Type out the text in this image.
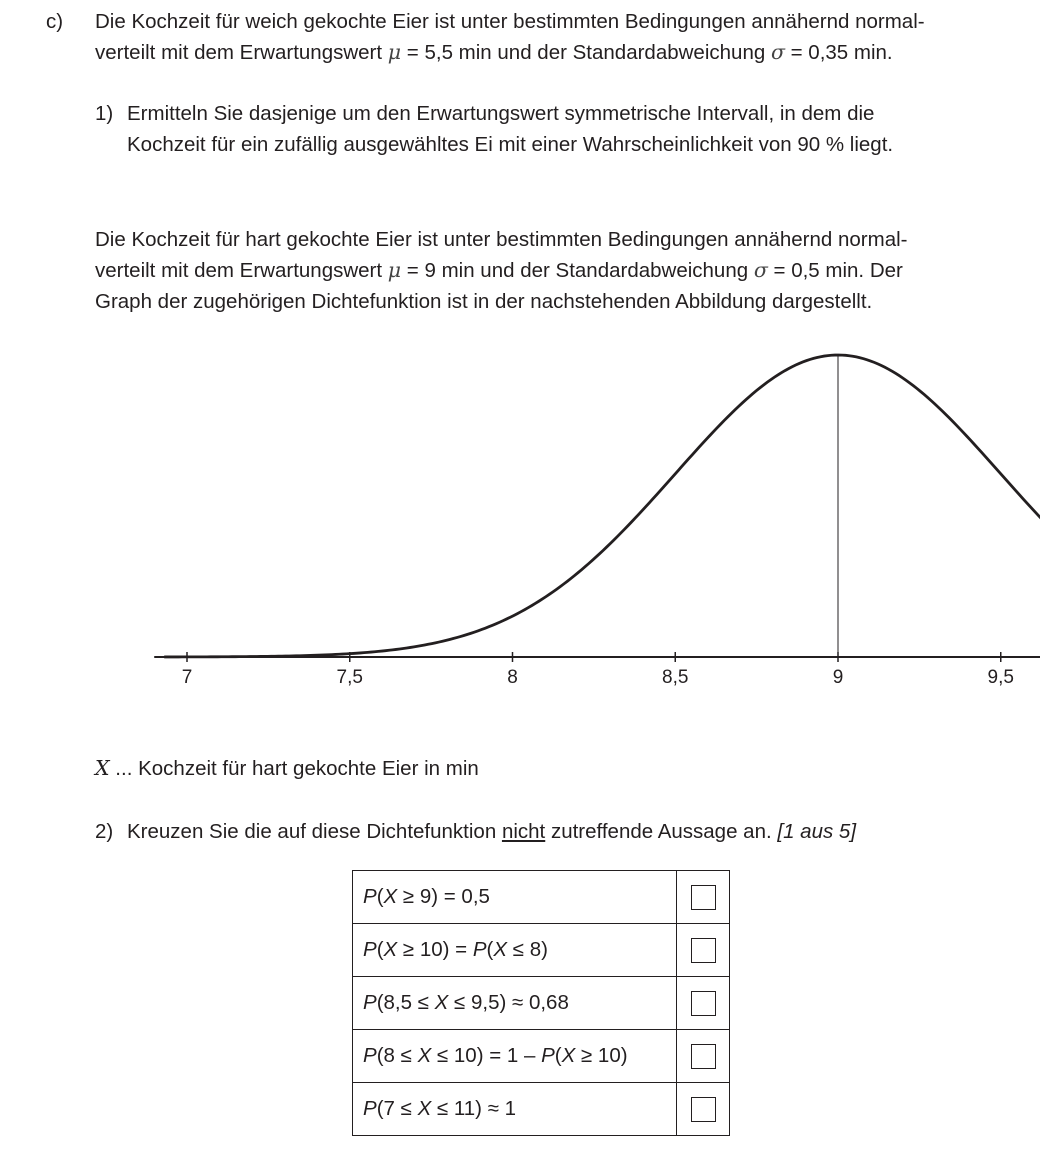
c) Die Kochzeit für weich gekochte Eier ist unter bestimmten Bedingungen annähernd normal-
verteilt mit dem Erwartungswert μ = 5,5 min und der Standardabweichung σ = 0,35 min.
1) Ermitteln Sie dasjenige um den Erwartungswert symmetrische Intervall, in dem die
Kochzeit für ein zufällig ausgewähltes Ei mit einer Wahrscheinlichkeit von 90 % liegt.
Die Kochzeit für hart gekochte Eier ist unter bestimmten Bedingungen annähernd normal-
verteilt mit dem Erwartungswert μ = 9 min und der Standardabweichung σ = 0,5 min. Der
Graph der zugehörigen Dichtefunktion ist in der nachstehenden Abbildung dargestellt.
7	7,5	8	8,5	9	9,5
X ... Kochzeit für hart gekochte Eier in min
2) Kreuzen Sie die auf diese Dichtefunktion nicht zutreffende Aussage an. [1 aus 5]
P(X ≥ 9) = 0,5	
P(X ≥ 10) = P(X ≤ 8)	
P(8,5 ≤ X ≤ 9,5) ≈ 0,68	
P(8 ≤ X ≤ 10) = 1 – P(X ≥ 10)	
P(7 ≤ X ≤ 11) ≈ 1	
